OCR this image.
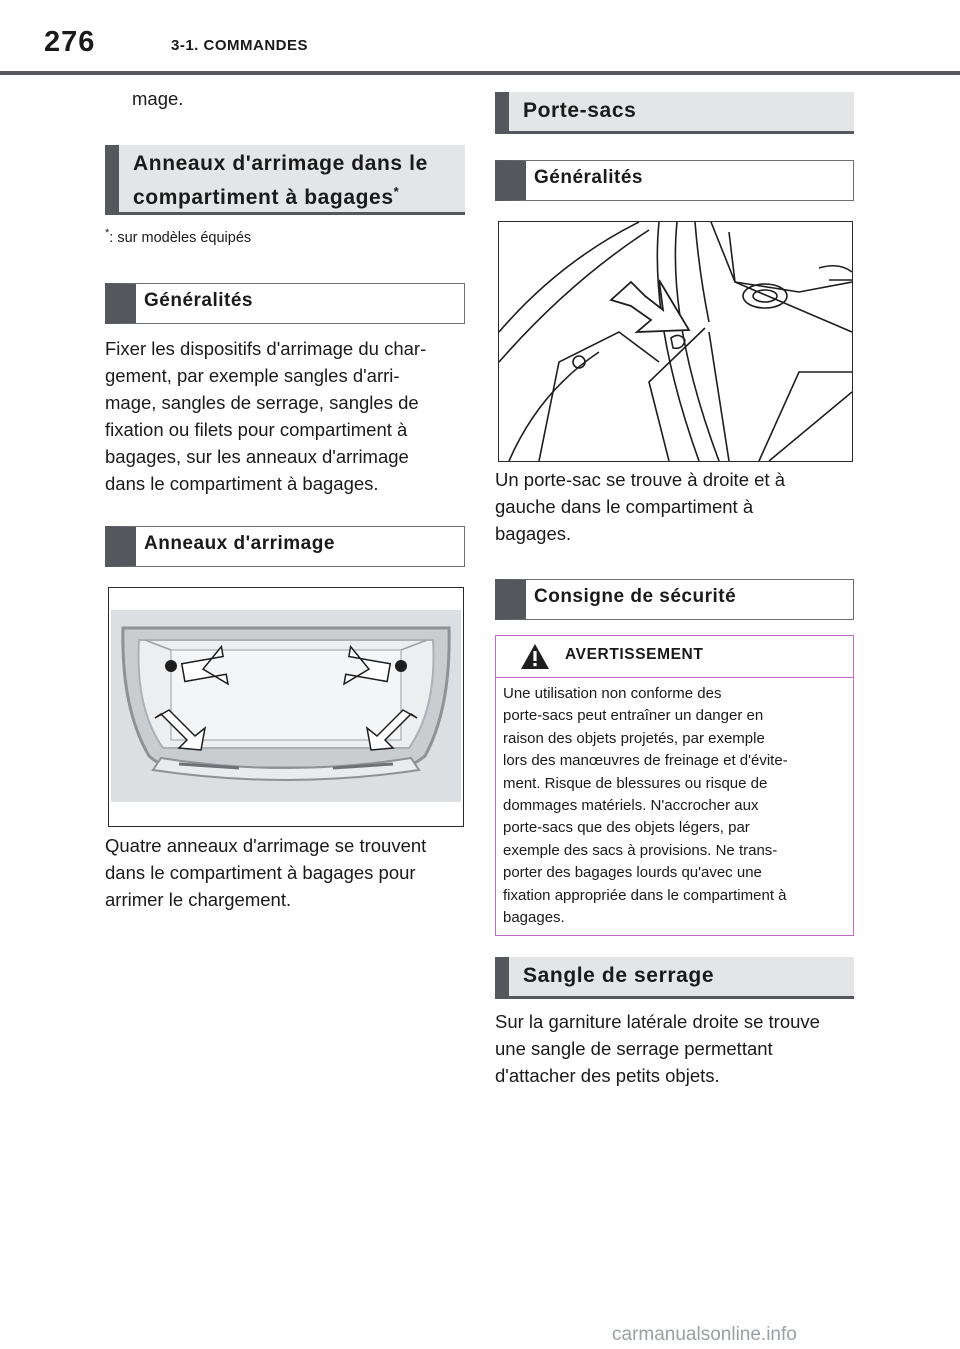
276	3-1. COMMANDES
mage.
Anneaux d'arrimage dans le
compartiment à bagages*
*: sur modèles équipés
Généralités
Fixer les dispositifs d'arrimage du char-
gement, par exemple sangles d'arri-
mage, sangles de serrage, sangles de
fixation ou filets pour compartiment à
bagages, sur les anneaux d'arrimage
dans le compartiment à bagages.
Anneaux d'arrimage
Quatre anneaux d'arrimage se trouvent
dans le compartiment à bagages pour
arrimer le chargement.
Porte-sacs
Généralités
Un porte-sac se trouve à droite et à
gauche dans le compartiment à
bagages.
Consigne de sécurité
AVERTISSEMENT
Une utilisation non conforme des
porte-sacs peut entraîner un danger en
raison des objets projetés, par exemple
lors des manœuvres de freinage et d'évite-
ment. Risque de blessures ou risque de
dommages matériels. N'accrocher aux
porte-sacs que des objets légers, par
exemple des sacs à provisions. Ne trans-
porter des bagages lourds qu'avec une
fixation appropriée dans le compartiment à
bagages.
Sangle de serrage
Sur la garniture latérale droite se trouve
une sangle de serrage permettant
d'attacher des petits objets.
carmanualsonline.info
